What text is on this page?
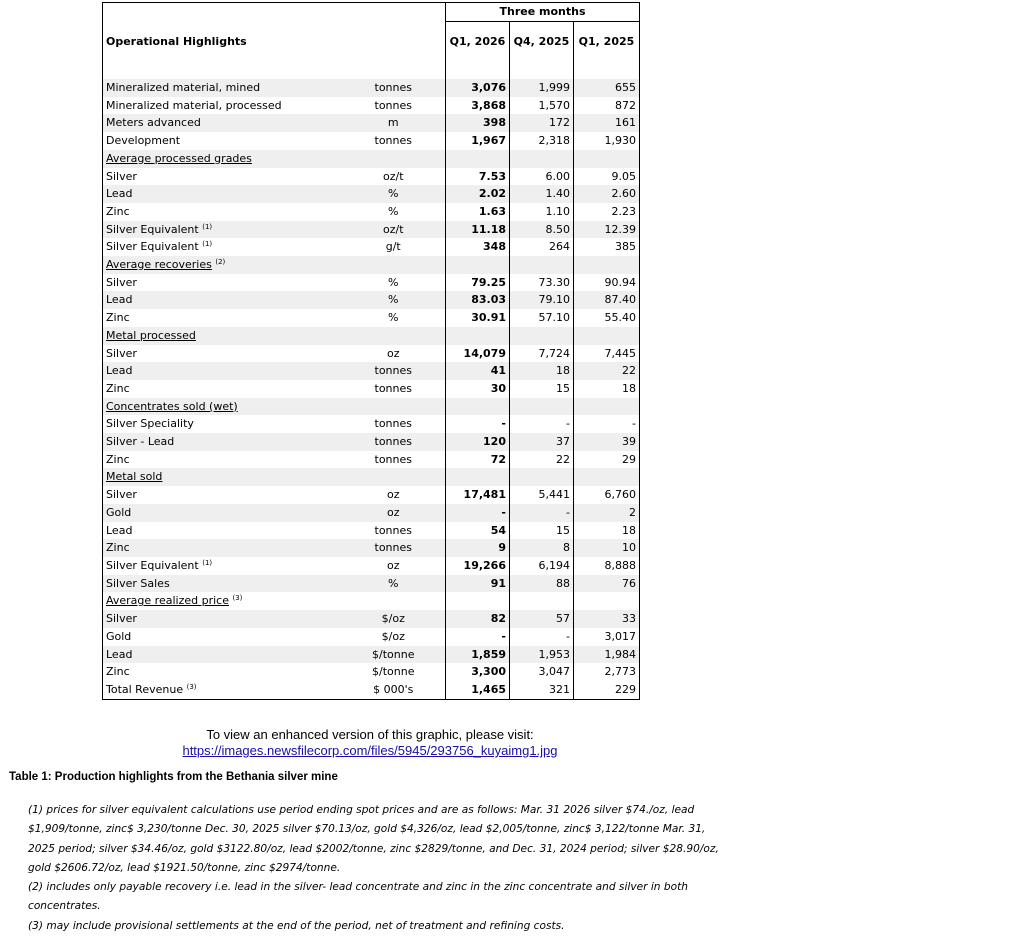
		Three months		
Operational Highlights		Q1, 2026	Q4, 2025	Q1, 2025

Mineralized material, mined	tonnes	3,076	1,999	655
Mineralized material, processed	tonnes	3,868	1,570	872
Meters advanced	m	398	172	161
Development	tonnes	1,967	2,318	1,930
Average processed grades				
Silver	oz/t	7.53	6.00	9.05
Lead	%	2.02	1.40	2.60
Zinc	%	1.63	1.10	2.23
Silver Equivalent $^{(1)}$	oz/t	11.18	8.50	12.39
Silver Equivalent $^{(1)}$	g/t	348	264	385
Average recoveries $^{(2)}$				
Silver	%	79.25	73.30	90.94
Lead	%	83.03	79.10	87.40
Zinc	%	30.91	57.10	55.40
Metal processed				
Silver	oz	14,079	7,724	7,445
Lead	tonnes	41	18	22
Zinc	tonnes	30	15	18
Concentrates sold (wet)				
Silver Speciality	tonnes	-	-	-
Silver - Lead	tonnes	120	37	39
Zinc	tonnes	72	22	29
Metal sold				
Silver	oz	17,481	5,441	6,760
Gold	oz	-	-	2
Lead	tonnes	54	15	18
Zinc	tonnes	9	8	10
Silver Equivalent $^{(1)}$	oz	19,266	6,194	8,888
Silver Sales	%	91	88	76
Average realized price $^{(3)}$				
Silver	$/oz	82	57	33
Gold	$/oz	-	-	3,017
Lead	$/tonne	1,859	1,953	1,984
Zinc	$/tonne	3,300	3,047	2,773
Total Revenue $^{(3)}$	$ 000's	1,465	321	229
To view an enhanced version of this graphic, please visit:
https://images.newsfilecorp.com/files/5945/293756_kuyaimg1.jpg
Table 1: Production highlights from the Bethania silver mine

(1) prices for silver equivalent calculations use period ending spot prices and are as follows: Mar. 31 2026 silver $74./oz, lead $1,909/tonne, zinc$ 3,230/tonne Dec. 30, 2025 silver $70.13/oz, gold $4,326/oz, lead $2,005/tonne, zinc$ 3,122/tonne Mar. 31, 2025 period; silver $34.46/oz, gold $3122.80/oz, lead $2002/tonne, zinc $2829/tonne, and Dec. 31, 2024 period; silver $28.90/oz, gold $2606.72/oz, lead $1921.50/tonne, zinc $2974/tonne.

(2) includes only payable recovery i.e. lead in the silver- lead concentrate and zinc in the zinc concentrate and silver in both concentrates.

(3) may include provisional settlements at the end of the period, net of treatment and refining costs.
